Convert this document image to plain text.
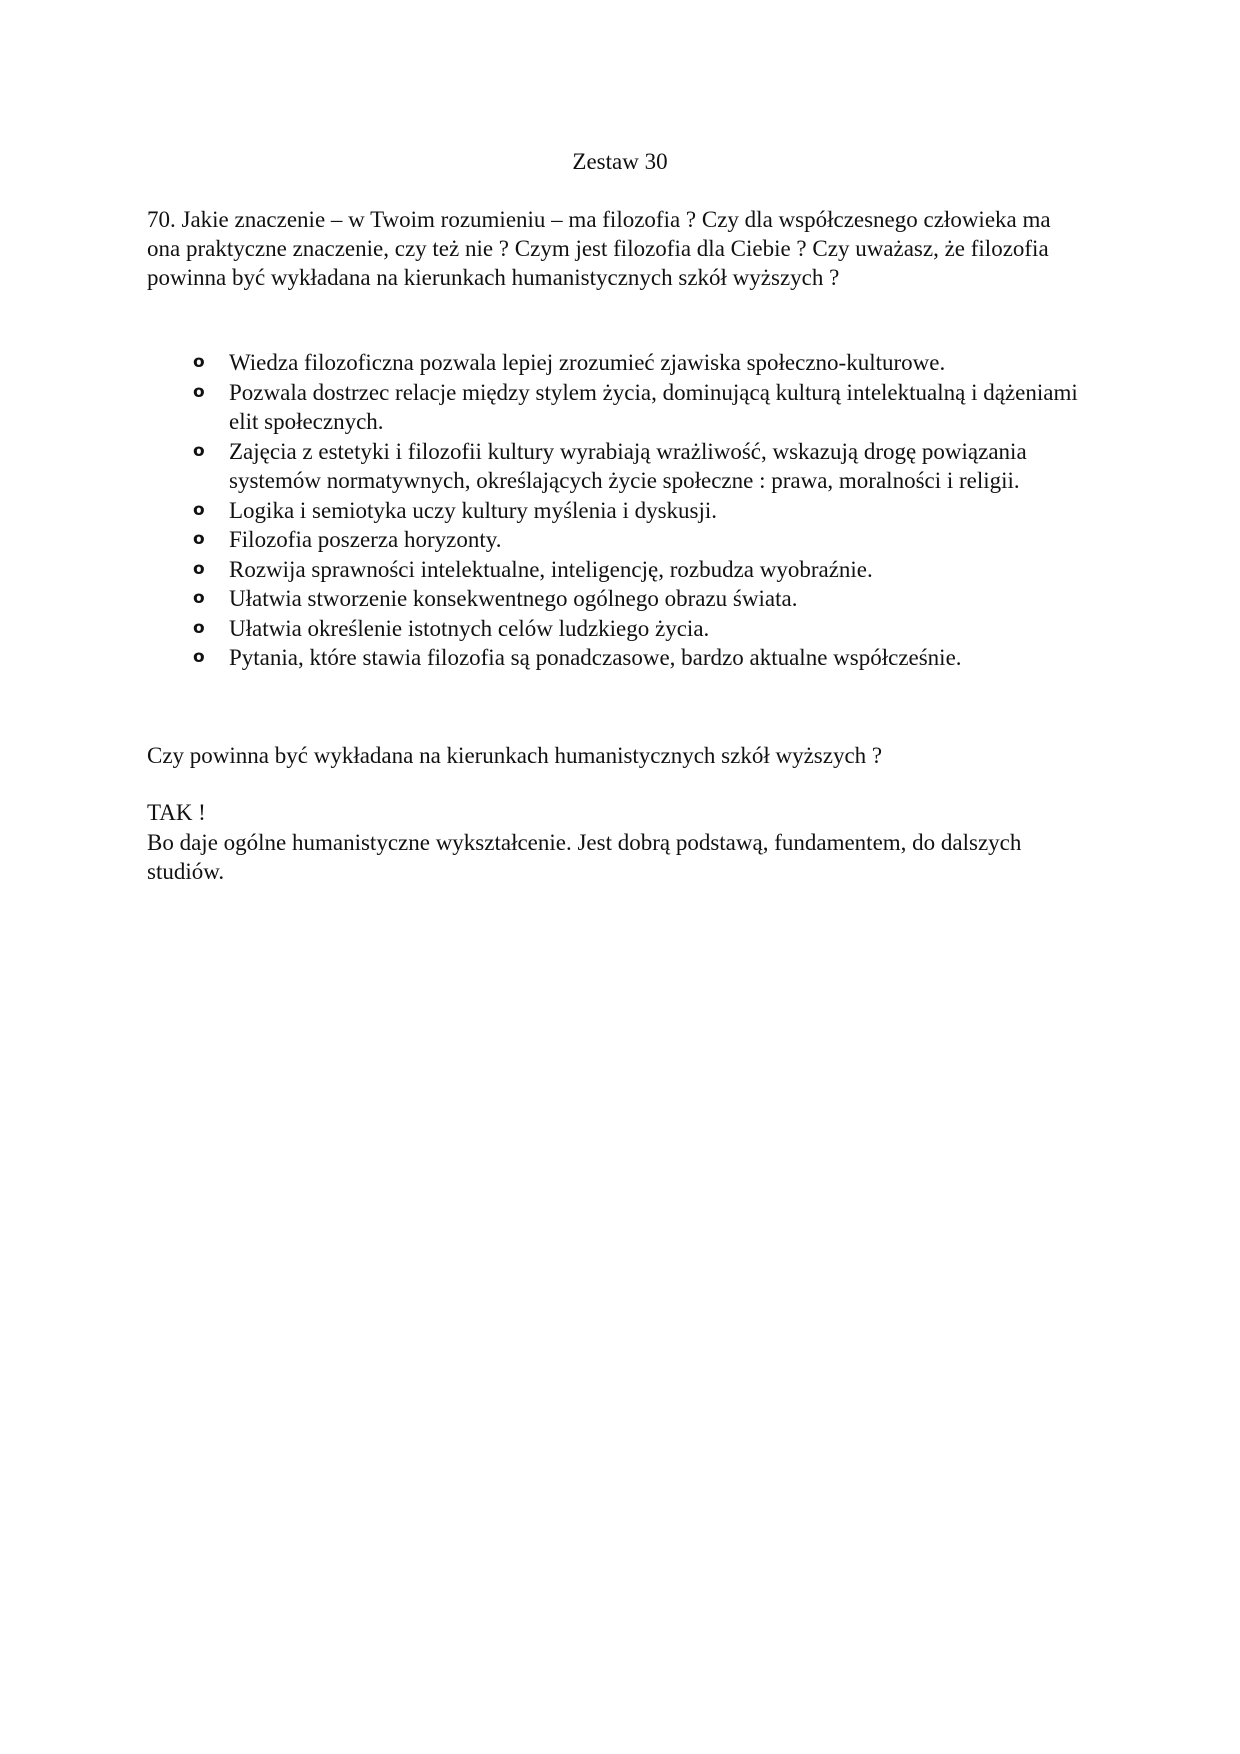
Zestaw 30

70. Jakie znaczenie – w Twoim rozumieniu – ma filozofia ? Czy dla współczesnego człowieka ma ona praktyczne znaczenie, czy też nie ? Czym jest filozofia dla Ciebie ? Czy uważasz, że filozofia powinna być wykładana na kierunkach humanistycznych szkół wyższych ?

o Wiedza filozoficzna pozwala lepiej zrozumieć zjawiska społeczno-kulturowe.
o Pozwala dostrzec relacje między stylem życia, dominującą kulturą intelektualną i dążeniami elit społecznych.
o Zajęcia z estetyki i filozofii kultury wyrabiają wrażliwość, wskazują drogę powiązania systemów normatywnych, określających życie społeczne : prawa, moralności i religii.
o Logika i semiotyka uczy kultury myślenia i dyskusji.
o Filozofia poszerza horyzonty.
o Rozwija sprawności intelektualne, inteligencję, rozbudza wyobraźnie.
o Ułatwia stworzenie konsekwentnego ogólnego obrazu świata.
o Ułatwia określenie istotnych celów ludzkiego życia.
o Pytania, które stawia filozofia są ponadczasowe, bardzo aktualne współcześnie.

Czy powinna być wykładana na kierunkach humanistycznych szkół wyższych ?

TAK !

Bo daje ogólne humanistyczne wykształcenie. Jest dobrą podstawą, fundamentem, do dalszych studiów.
